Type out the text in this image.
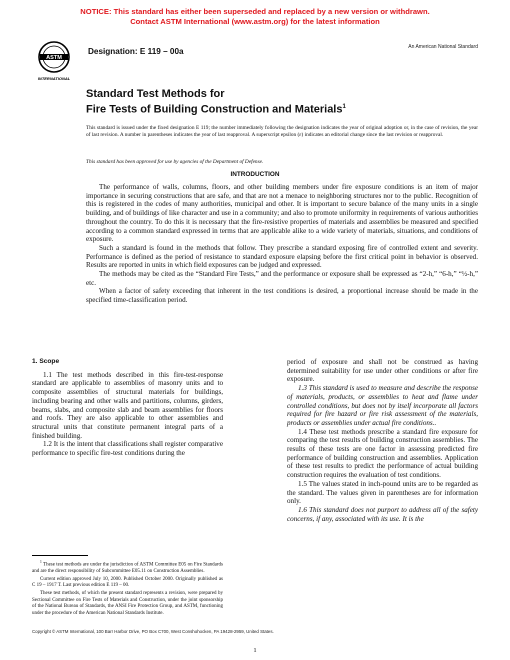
NOTICE: This standard has either been superseded and replaced by a new version or withdrawn.
Contact ASTM International (www.astm.org) for the latest information
ASTM
INTERNATIONAL
Designation: E 119 – 00a	An American National Standard
Standard Test Methods for
Fire Tests of Building Construction and Materials$^1$
This standard is issued under the fixed designation E 119; the number immediately following the designation indicates the year of original adoption or, in the case of revision, the year of last revision. A number in parentheses indicates the year of last reapproval. A superscript epsilon (ε) indicates an editorial change since the last revision or reapproval.
This standard has been approved for use by agencies of the Department of Defense.
INTRODUCTION

The performance of walls, columns, floors, and other building members under fire exposure conditions is an item of major importance in securing constructions that are safe, and that are not a menace to neighboring structures nor to the public. Recognition of this is registered in the codes of many authorities, municipal and other. It is important to secure balance of the many units in a single building, and of buildings of like character and use in a community; and also to promote uniformity in requirements of various authorities throughout the country. To do this it is necessary that the fire-resistive properties of materials and assemblies be measured and specified according to a common standard expressed in terms that are applicable alike to a wide variety of materials, situations, and conditions of exposure.

Such a standard is found in the methods that follow. They prescribe a standard exposing fire of controlled extent and severity. Performance is defined as the period of resistance to standard exposure elapsing before the first critical point in behavior is observed. Results are reported in units in which field exposures can be judged and expressed.

The methods may be cited as the “Standard Fire Tests,” and the performance or exposure shall be expressed as “2-h,” “6-h,” “½-h,” etc.

When a factor of safety exceeding that inherent in the test conditions is desired, a proportional increase should be made in the specified time-classification period.

1. Scope

1.1 The test methods described in this fire-test-response standard are applicable to assemblies of masonry units and to composite assemblies of structural materials for buildings, including bearing and other walls and partitions, columns, girders, beams, slabs, and composite slab and beam assemblies for floors and roofs. They are also applicable to other assemblies and structural units that constitute permanent integral parts of a finished building.

1.2 It is the intent that classifications shall register comparative performance to specific fire-test conditions during the

period of exposure and shall not be construed as having determined suitability for use under other conditions or after fire exposure.

1.3 This standard is used to measure and describe the response of materials, products, or assemblies to heat and flame under controlled conditions, but does not by itself incorporate all factors required for fire hazard or fire risk assessment of the materials, products or assemblies under actual fire conditions..

1.4 These test methods prescribe a standard fire exposure for comparing the test results of building construction assemblies. The results of these tests are one factor in assessing predicted fire performance of building construction and assemblies. Application of these test results to predict the performance of actual building construction requires the evaluation of test conditions.

1.5 The values stated in inch-pound units are to be regarded as the standard. The values given in parentheses are for information only.

1.6 This standard does not purport to address all of the safety concerns, if any, associated with its use. It is the

$^1$ These test methods are under the jurisdiction of ASTM Committee E05 on Fire Standards and are the direct responsibility of Subcommittee E05.11 on Construction Assemblies.

Current edition approved July 10, 2000. Published October 2000. Originally published as C 19 – 1917 T. Last previous edition E 119 – 00.

These test methods, of which the present standard represents a revision, were prepared by Sectional Committee on Fire Tests of Materials and Construction, under the joint sponsorship of the National Bureau of Standards, the ANSI Fire Protection Group, and ASTM, functioning under the procedure of the American National Standards Institute.

Copyright © ASTM International, 100 Barr Harbor Drive, PO Box C700, West Conshohocken, PA 19428-2959, United States.
1
